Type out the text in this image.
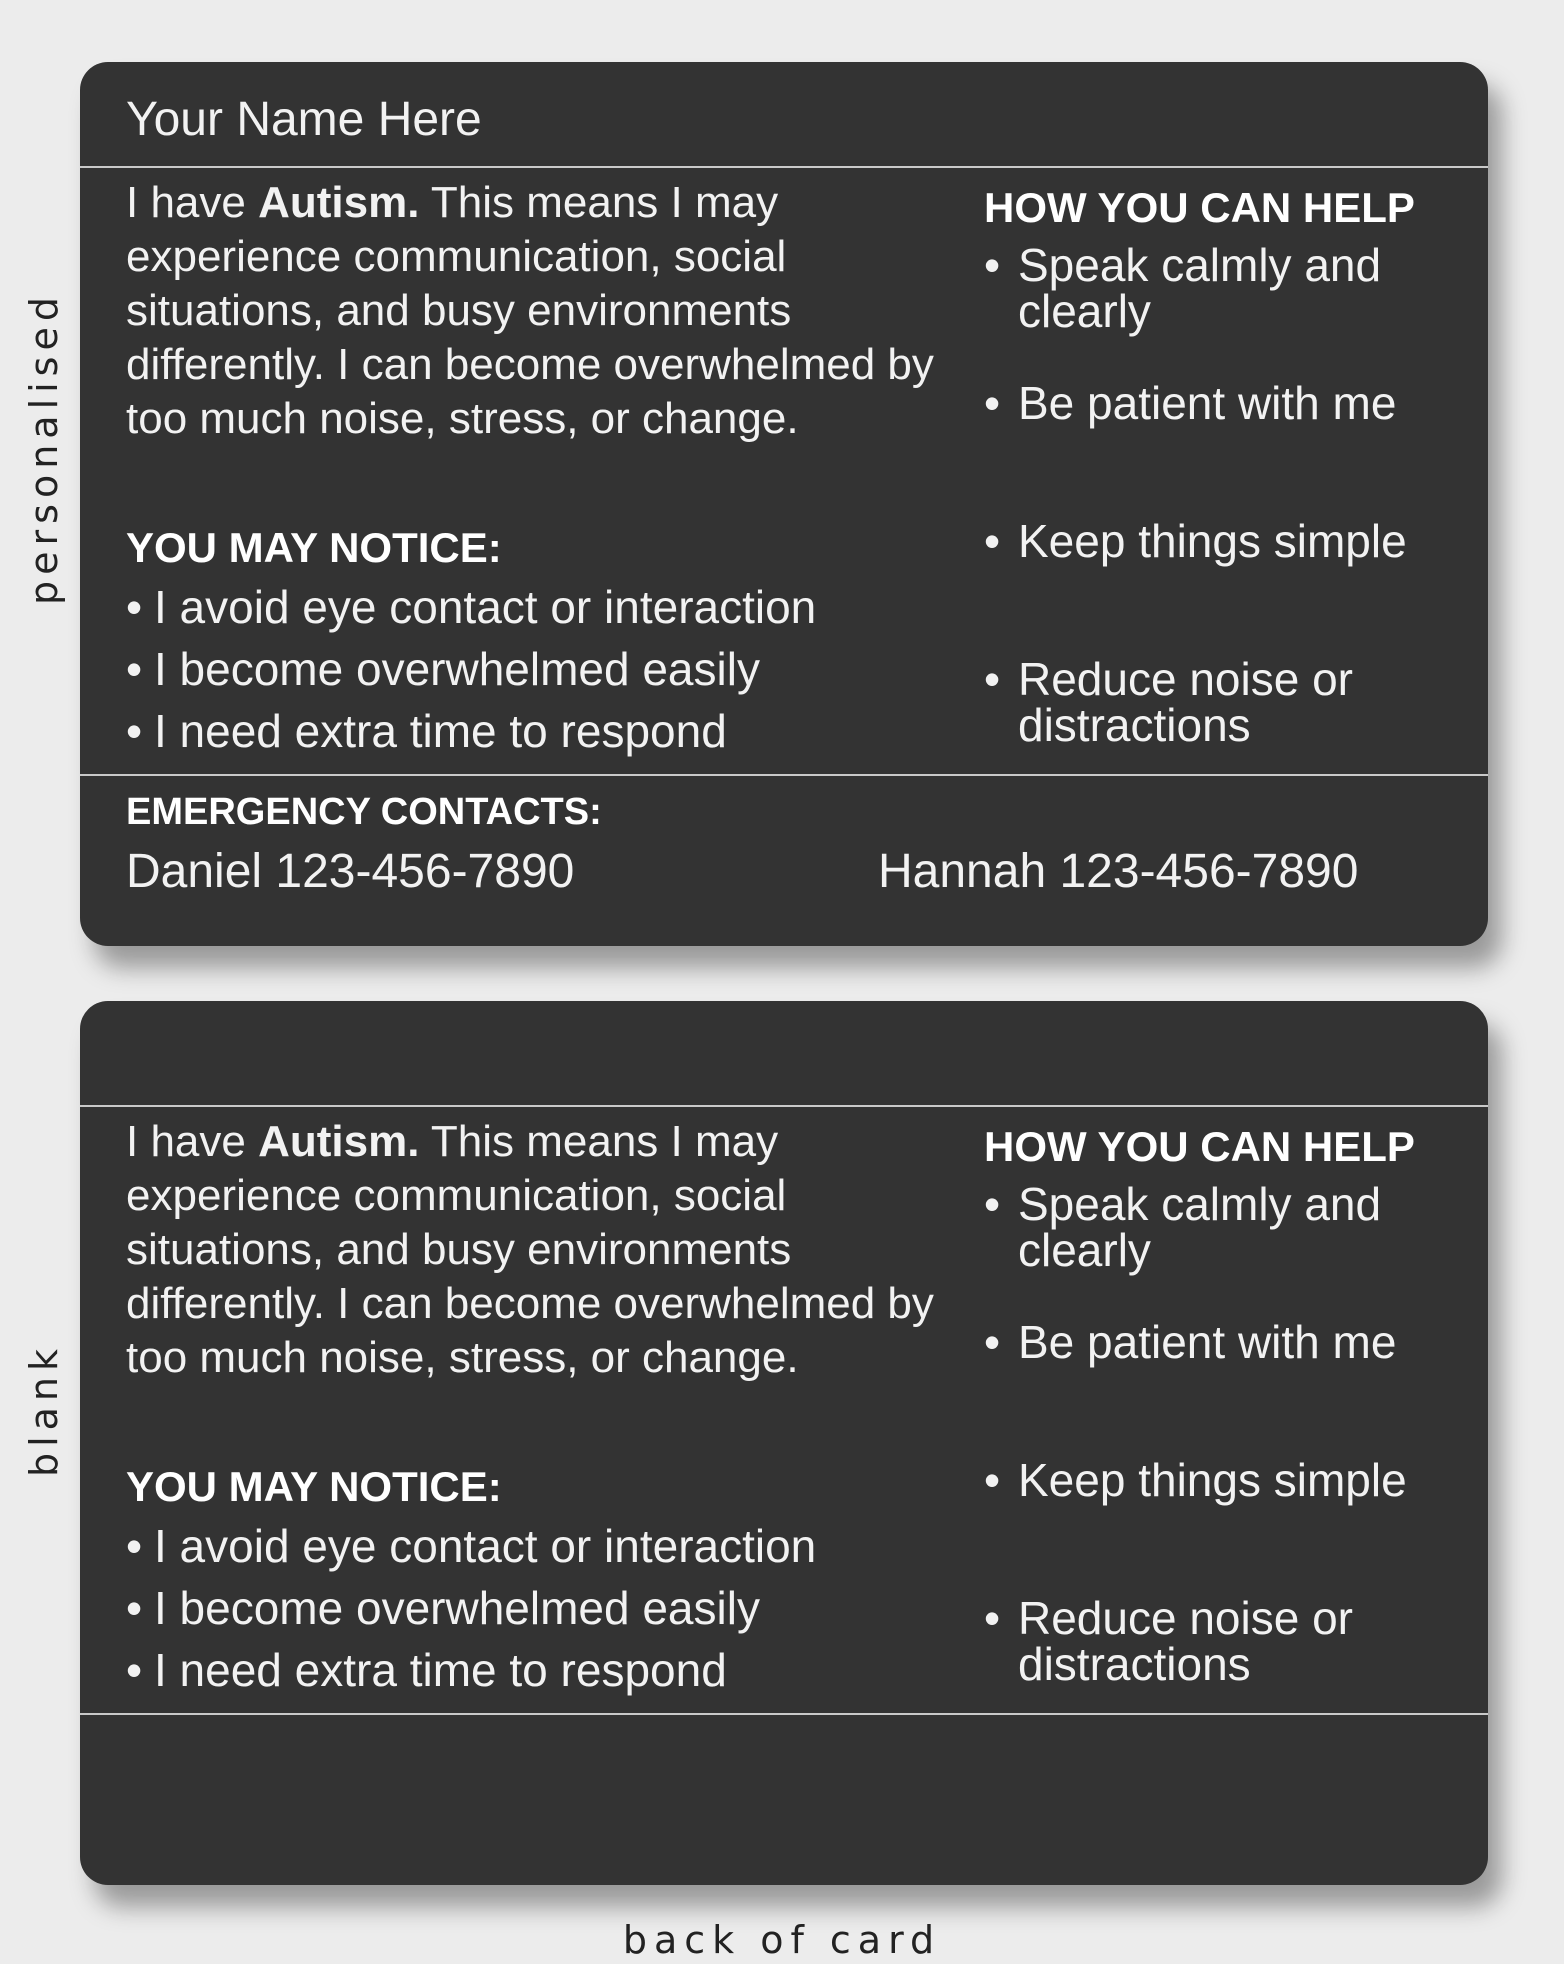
personalised
blank
Your Name Here
I have Autism. This means I may experience communication, social situations, and busy environments differently. I can become overwhelmed by too much noise, stress, or change.
YOU MAY NOTICE:
• I avoid eye contact or interaction
• I become overwhelmed easily
• I need extra time to respond
HOW YOU CAN HELP
• Speak calmly and clearly
• Be patient with me
• Keep things simple
• Reduce noise or distractions
EMERGENCY CONTACTS:
Daniel 123-456-7890	Hannah 123-456-7890
I have Autism. This means I may experience communication, social situations, and busy environments differently. I can become overwhelmed by too much noise, stress, or change.
YOU MAY NOTICE:
• I avoid eye contact or interaction
• I become overwhelmed easily
• I need extra time to respond
HOW YOU CAN HELP
• Speak calmly and clearly
• Be patient with me
• Keep things simple
• Reduce noise or distractions
back of card
